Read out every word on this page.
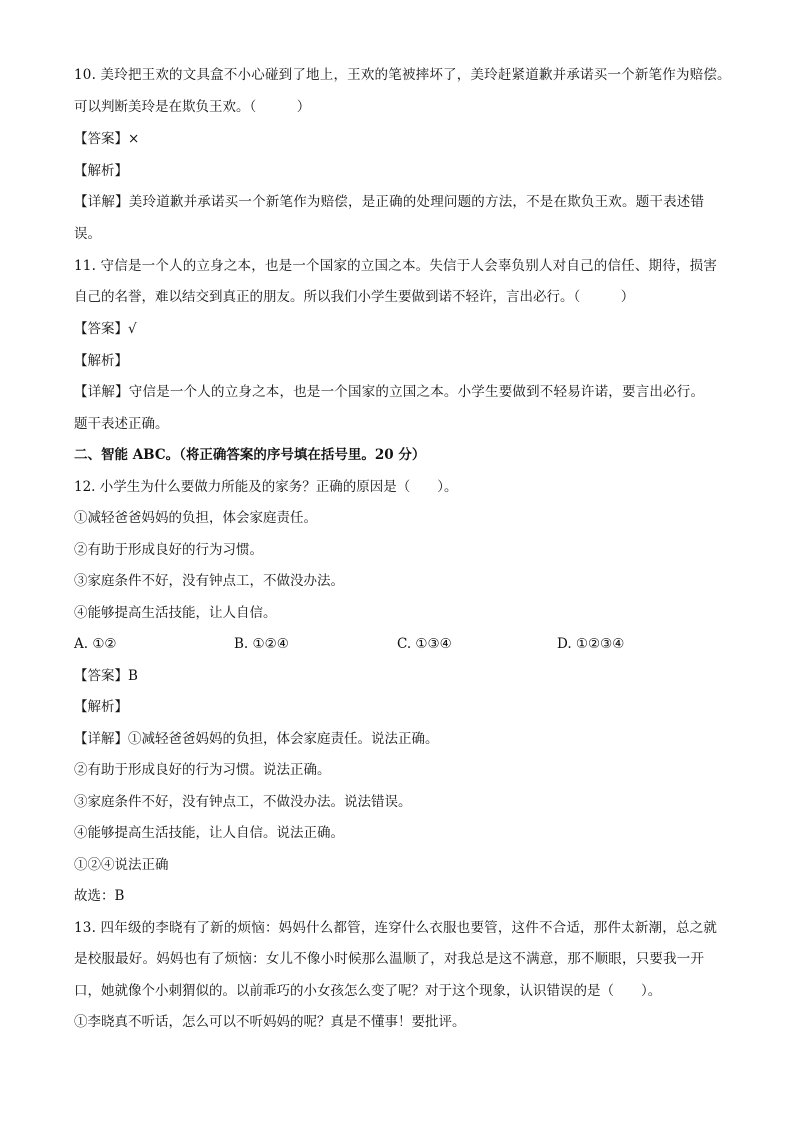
10. 美玲把王欢的文具盒不小心碰到了地上，王欢的笔被摔坏了，美玲赶紧道歉并承诺买一个新笔作为赔偿。
可以判断美玲是在欺负王欢。（　　　）
【答案】×
【解析】
【详解】美玲道歉并承诺买一个新笔作为赔偿，是正确的处理问题的方法，不是在欺负王欢。题干表述错
误。
11. 守信是一个人的立身之本，也是一个国家的立国之本。失信于人会辜负别人对自己的信任、期待，损害
自己的名誉，难以结交到真正的朋友。所以我们小学生要做到诺不轻许，言出必行。（　　　）
【答案】√
【解析】
【详解】守信是一个人的立身之本，也是一个国家的立国之本。小学生要做到不轻易许诺，要言出必行。
题干表述正确。
二、智能 ABC。（将正确答案的序号填在括号里。20 分）
12. 小学生为什么要做力所能及的家务？正确的原因是（　　）。
①减轻爸爸妈妈的负担，体会家庭责任。
②有助于形成良好的行为习惯。
③家庭条件不好，没有钟点工，不做没办法。
④能够提高生活技能，让人自信。
A. ①②	B. ①②④	C. ①③④	D. ①②③④
【答案】B
【解析】
【详解】①减轻爸爸妈妈的负担，体会家庭责任。说法正确。
②有助于形成良好的行为习惯。说法正确。
③家庭条件不好，没有钟点工，不做没办法。说法错误。
④能够提高生活技能，让人自信。说法正确。
①②④说法正确
故选：B
13. 四年级的李晓有了新的烦恼：妈妈什么都管，连穿什么衣服也要管，这件不合适，那件太新潮，总之就
是校服最好。妈妈也有了烦恼：女儿不像小时候那么温顺了，对我总是这不满意，那不顺眼，只要我一开
口，她就像个小刺猬似的。以前乖巧的小女孩怎么变了呢？对于这个现象，认识错误的是（　　）。
①李晓真不听话，怎么可以不听妈妈的呢？真是不懂事！要批评。
